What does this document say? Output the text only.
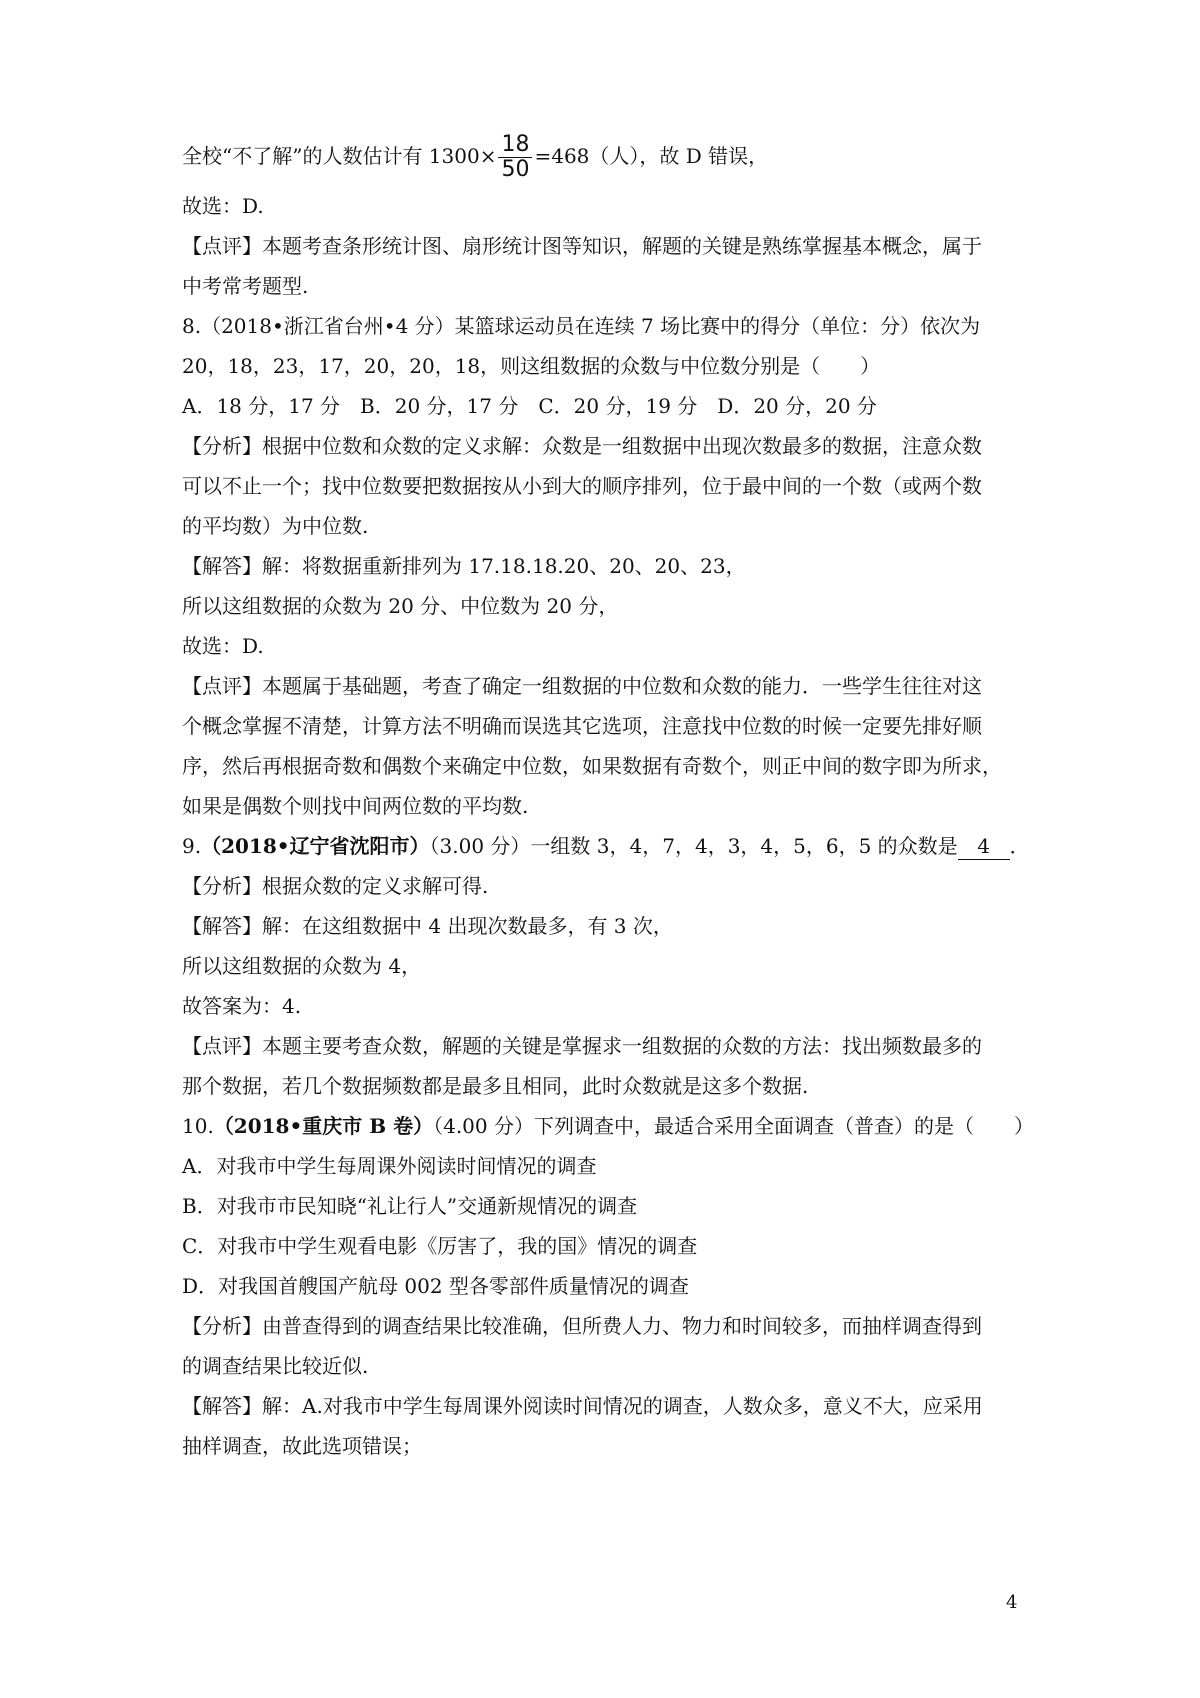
全校“不了解”的人数估计有 $1300\times \frac{18}{50} =468$（人），故 D 错误，
故选：D.
【点评】本题考查条形统计图、扇形统计图等知识，解题的关键是熟练掌握基本概念，属于
中考常考题型.
8.（2018•浙江省台州•4 分）某篮球运动员在连续 7 场比赛中的得分（单位：分）依次为
20，18，23，17，20，20，18，则这组数据的众数与中位数分别是（　　）
A．18 分，17 分　B．20 分，17 分　C．20 分，19 分　D．20 分，20 分
【分析】根据中位数和众数的定义求解：众数是一组数据中出现次数最多的数据，注意众数
可以不止一个；找中位数要把数据按从小到大的顺序排列，位于最中间的一个数（或两个数
的平均数）为中位数.
【解答】解：将数据重新排列为 17.18.18.20、20、20、23，
所以这组数据的众数为 20 分、中位数为 20 分，
故选：D.
【点评】本题属于基础题，考查了确定一组数据的中位数和众数的能力．一些学生往往对这
个概念掌握不清楚，计算方法不明确而误选其它选项，注意找中位数的时候一定要先排好顺
序，然后再根据奇数和偶数个来确定中位数，如果数据有奇数个，则正中间的数字即为所求，
如果是偶数个则找中间两位数的平均数.
9.（2018•辽宁省沈阳市）（3.00 分）一组数 3，4，7，4，3，4，5，6，5 的众数是 4 ．
【分析】根据众数的定义求解可得.
【解答】解：在这组数据中 4 出现次数最多，有 3 次，
所以这组数据的众数为 4，
故答案为：4.
【点评】本题主要考查众数，解题的关键是掌握求一组数据的众数的方法：找出频数最多的
那个数据，若几个数据频数都是最多且相同，此时众数就是这多个数据.
10.（2018•重庆市 B 卷）（4.00 分）下列调查中，最适合采用全面调查（普查）的是（　　）
A．对我市中学生每周课外阅读时间情况的调查
B．对我市市民知晓“礼让行人”交通新规情况的调查
C．对我市中学生观看电影《厉害了，我的国》情况的调查
D．对我国首艘国产航母 002 型各零部件质量情况的调查
【分析】由普查得到的调查结果比较准确，但所费人力、物力和时间较多，而抽样调查得到
的调查结果比较近似.
【解答】解：A.对我市中学生每周课外阅读时间情况的调查，人数众多，意义不大，应采用
抽样调查，故此选项错误；
4
